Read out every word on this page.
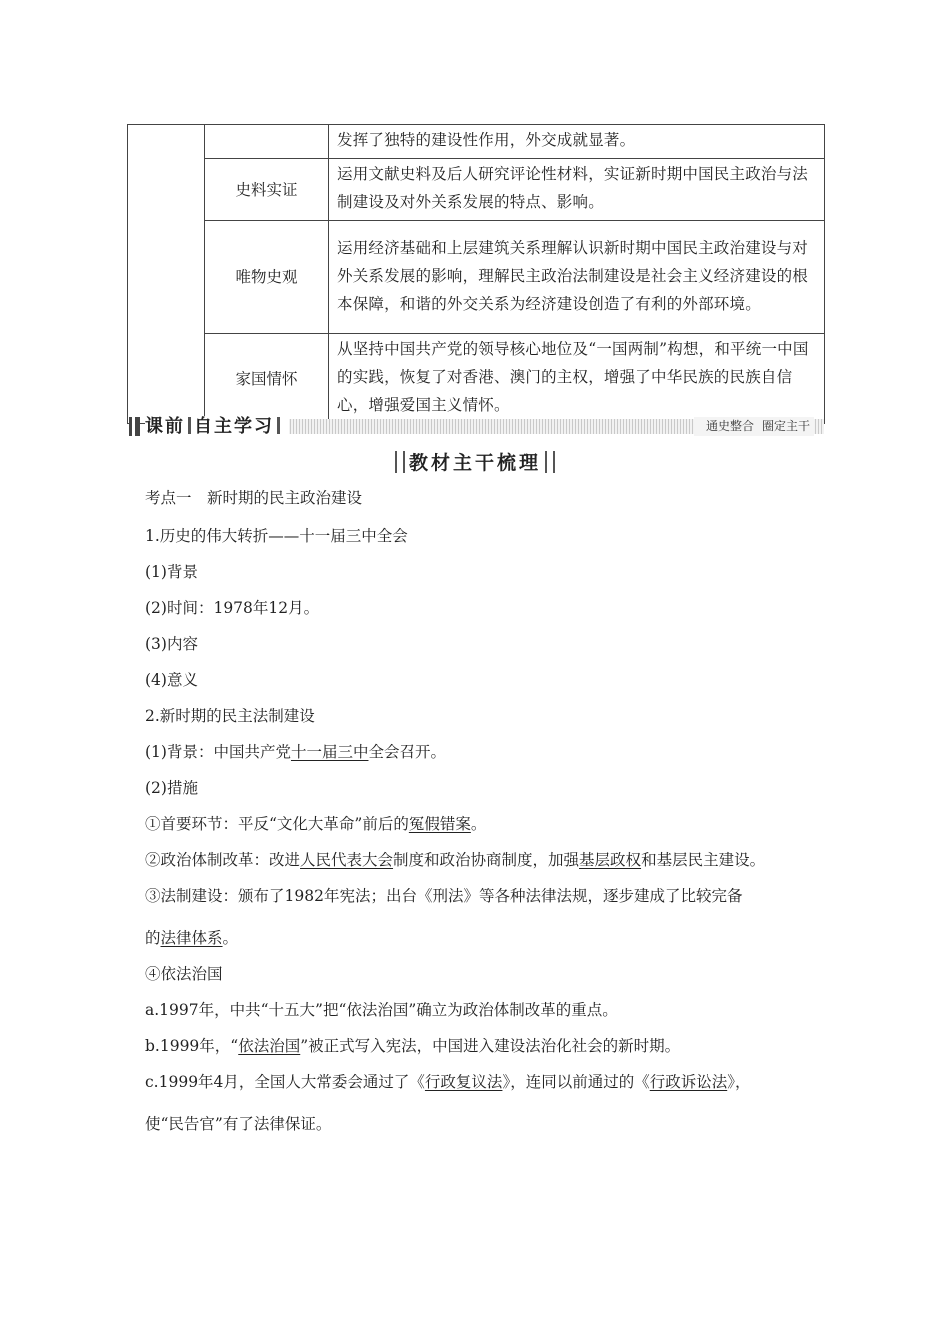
		发挥了独特的建设性作用，外交成就显著。
	史料实证	运用文献史料及后人研究评论性材料，实证新时期中国民主政治与法制建设及对外关系发展的特点、影响。
	唯物史观	运用经济基础和上层建筑关系理解认识新时期中国民主政治建设与对外关系发展的影响，理解民主政治法制建设是社会主义经济建设的根本保障，和谐的外交关系为经济建设创造了有利的外部环境。
	家国情怀	从坚持中国共产党的领导核心地位及“一国两制”构想，和平统一中国的实践，恢复了对香港、澳门的主权，增强了中华民族的民族自信心，增强爱国主义情怀。
课前 自主学习	通史整合 圈定主干
教材主干梳理

考点一　新时期的民主政治建设

1.历史的伟大转折——十一届三中全会

(1)背景

(2)时间：1978年12月。

(3)内容

(4)意义

2.新时期的民主法制建设

(1)背景：中国共产党十一届三中全会召开。

(2)措施

①首要环节：平反“文化大革命”前后的冤假错案。

②政治体制改革：改进人民代表大会制度和政治协商制度，加强基层政权和基层民主建设。

③法制建设：颁布了1982年宪法；出台《刑法》等各种法律法规，逐步建成了比较完备

的法律体系。

④依法治国

a.1997年，中共“十五大”把“依法治国”确立为政治体制改革的重点。

b.1999年，“依法治国”被正式写入宪法，中国进入建设法治化社会的新时期。

c.1999年4月，全国人大常委会通过了《行政复议法》，连同以前通过的《行政诉讼法》，

使“民告官”有了法律保证。
